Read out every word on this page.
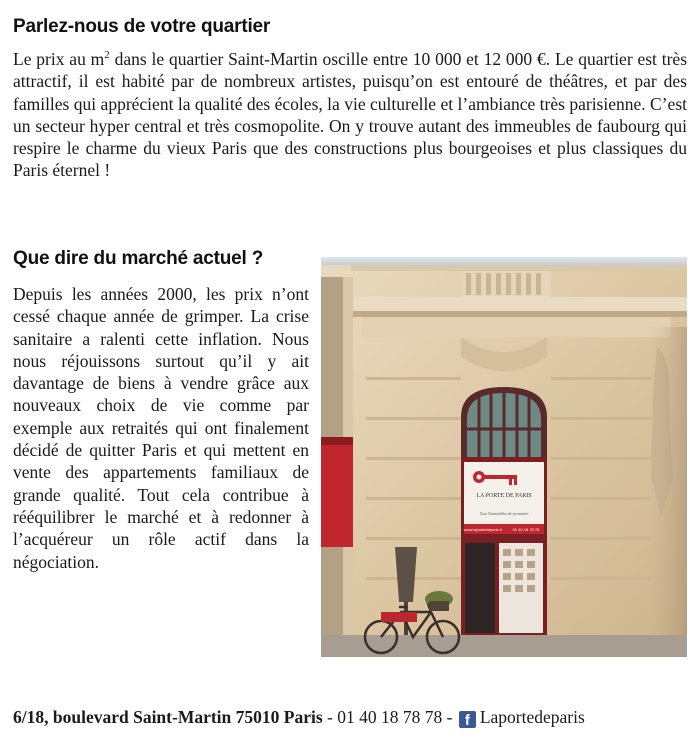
Parlez-nous de votre quartier

Le prix au $m^2$ dans le quartier Saint-Martin oscille entre 10 000 et 12 000 €. Le quartier est très attractif, il est habité par de nombreux artistes, puisqu’on est entouré de théâtres, et par des familles qui apprécient la qualité des écoles, la vie culturelle et l’ambiance très parisienne. C’est un secteur hyper central et très cosmopolite. On y trouve autant des immeubles de faubourg qui respire le charme du vieux Paris que des constructions plus bourgeoises et plus classiques du Paris éternel !

Que dire du marché actuel ?

Depuis les années 2000, les prix n’ont cessé chaque année de grimper. La crise sanitaire a ralenti cette inflation. Nous nous réjouissons surtout qu’il y ait davantage de biens à vendre grâce aux nouveaux choix de vie comme par exemple aux retraités qui ont finalement décidé de quitter Paris et qui mettent en vente des appartements familiaux de grande qualité. Tout cela contribue à rééquilibrer le marché et à redonner à l’acquéreur un rôle actif dans la négociation.

LA PORTE DE PARIS
Tout l'immobilier de proximité
www.laportedeparis.fr	01 40 18 78 78
6/18, boulevard Saint-Martin 75010 Paris - 01 40 18 78 78 - f Laportedeparis
